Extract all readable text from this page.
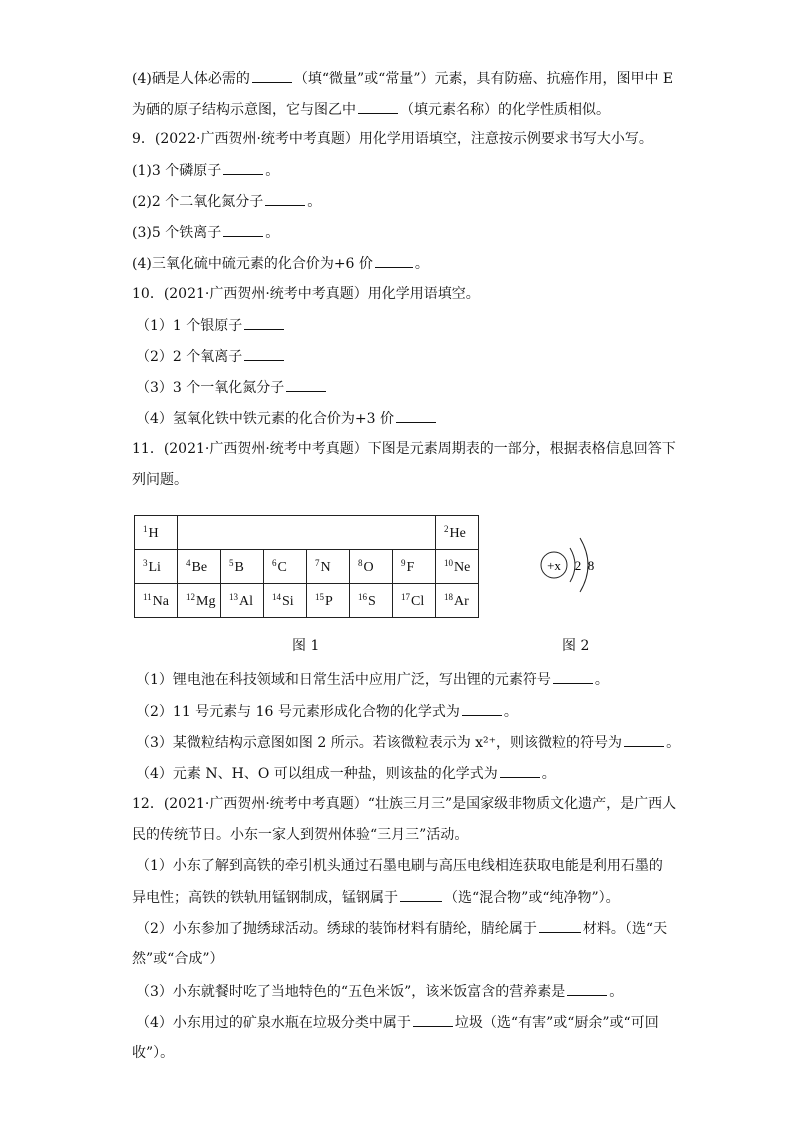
(4)硒是人体必需的	（填“微量”或“常量”）元素，具有防癌、抗癌作用，图甲中 E
为硒的原子结构示意图，它与图乙中	（填元素名称）的化学性质相似。
9．(2022·广西贺州·统考中考真题）用化学用语填空，注意按示例要求书写大小写。
(1)3 个磷原子	。
(2)2 个二氧化氮分子	。
(3)5 个铁离子	。
(4)三氧化硫中硫元素的化合价为+6 价	。
10．(2021·广西贺州·统考中考真题）用化学用语填空。
（1）1 个银原子
（2）2 个氧离子
（3）3 个一氧化氮分子
（4）氢氧化铁中铁元素的化合价为+3 价
11．(2021·广西贺州·统考中考真题）下图是元素周期表的一部分，根据表格信息回答下
列问题。
$^1$H							$^2$He
$^3$Li	$^4$Be	$^5$B	$^6$C	$^7$N	$^8$O	$^9$F	$^{10}$Ne
$^{11}$Na	$^{12}$Mg	$^{13}$Al	$^{14}$Si	$^{15}$P	$^{16}$S	$^{17}$Cl	$^{18}$Ar
+x 2 8
图 1	图 2
（1）锂电池在科技领域和日常生活中应用广泛，写出锂的元素符号	。
（2）11 号元素与 16 号元素形成化合物的化学式为	。
（3）某微粒结构示意图如图 2 所示。若该微粒表示为 x²⁺，则该微粒的符号为	。
（4）元素 N、H、O 可以组成一种盐，则该盐的化学式为	。
12．(2021·广西贺州·统考中考真题）“壮族三月三”是国家级非物质文化遗产，是广西人
民的传统节日。小东一家人到贺州体验“三月三”活动。
（1）小东了解到高铁的牵引机头通过石墨电刷与高压电线相连获取电能是利用石墨的
异电性；高铁的铁轨用锰钢制成，锰钢属于	（选“混合物”或“纯净物”）。
（2）小东参加了抛绣球活动。绣球的装饰材料有腈纶，腈纶属于	材料。（选“天
然”或“合成”）
（3）小东就餐时吃了当地特色的“五色米饭”，该米饭富含的营养素是	。
（4）小东用过的矿泉水瓶在垃圾分类中属于	垃圾（选“有害”或“厨余”或“可回
收”）。
